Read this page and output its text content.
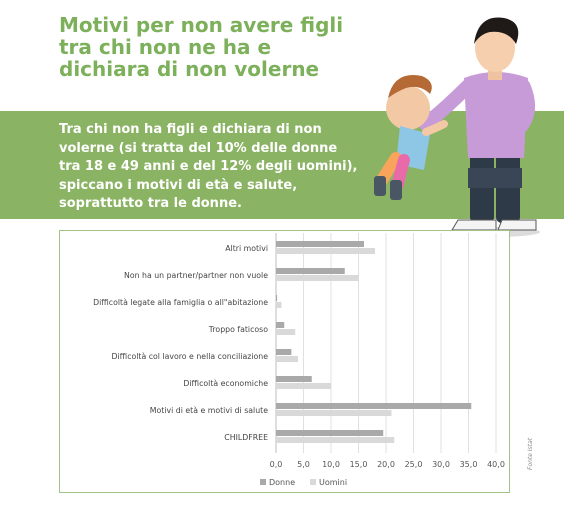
Motivi per non avere figli
tra chi non ne ha e
dichiara di non volerne
Tra chi non ha figli e dichiara di non
volerne (si tratta del 10% delle donne
tra 18 e 49 anni e del 12% degli uomini),
spiccano i motivi di età e salute,
soprattutto tra le donne.
0,0 5,0 10,0 15,0 20,0 25,0 30,0 35,0 40,0
Altri motivi
Non ha un partner/partner non vuole
Difficoltà legate alla famiglia o all"abitazione
Troppo faticoso
Difficoltà col lavoro e nella conciliazione
Difficoltà economiche
Motivi di età e motivi di salute
CHILDFREE
Donne	Uomini
Fonte Istat
